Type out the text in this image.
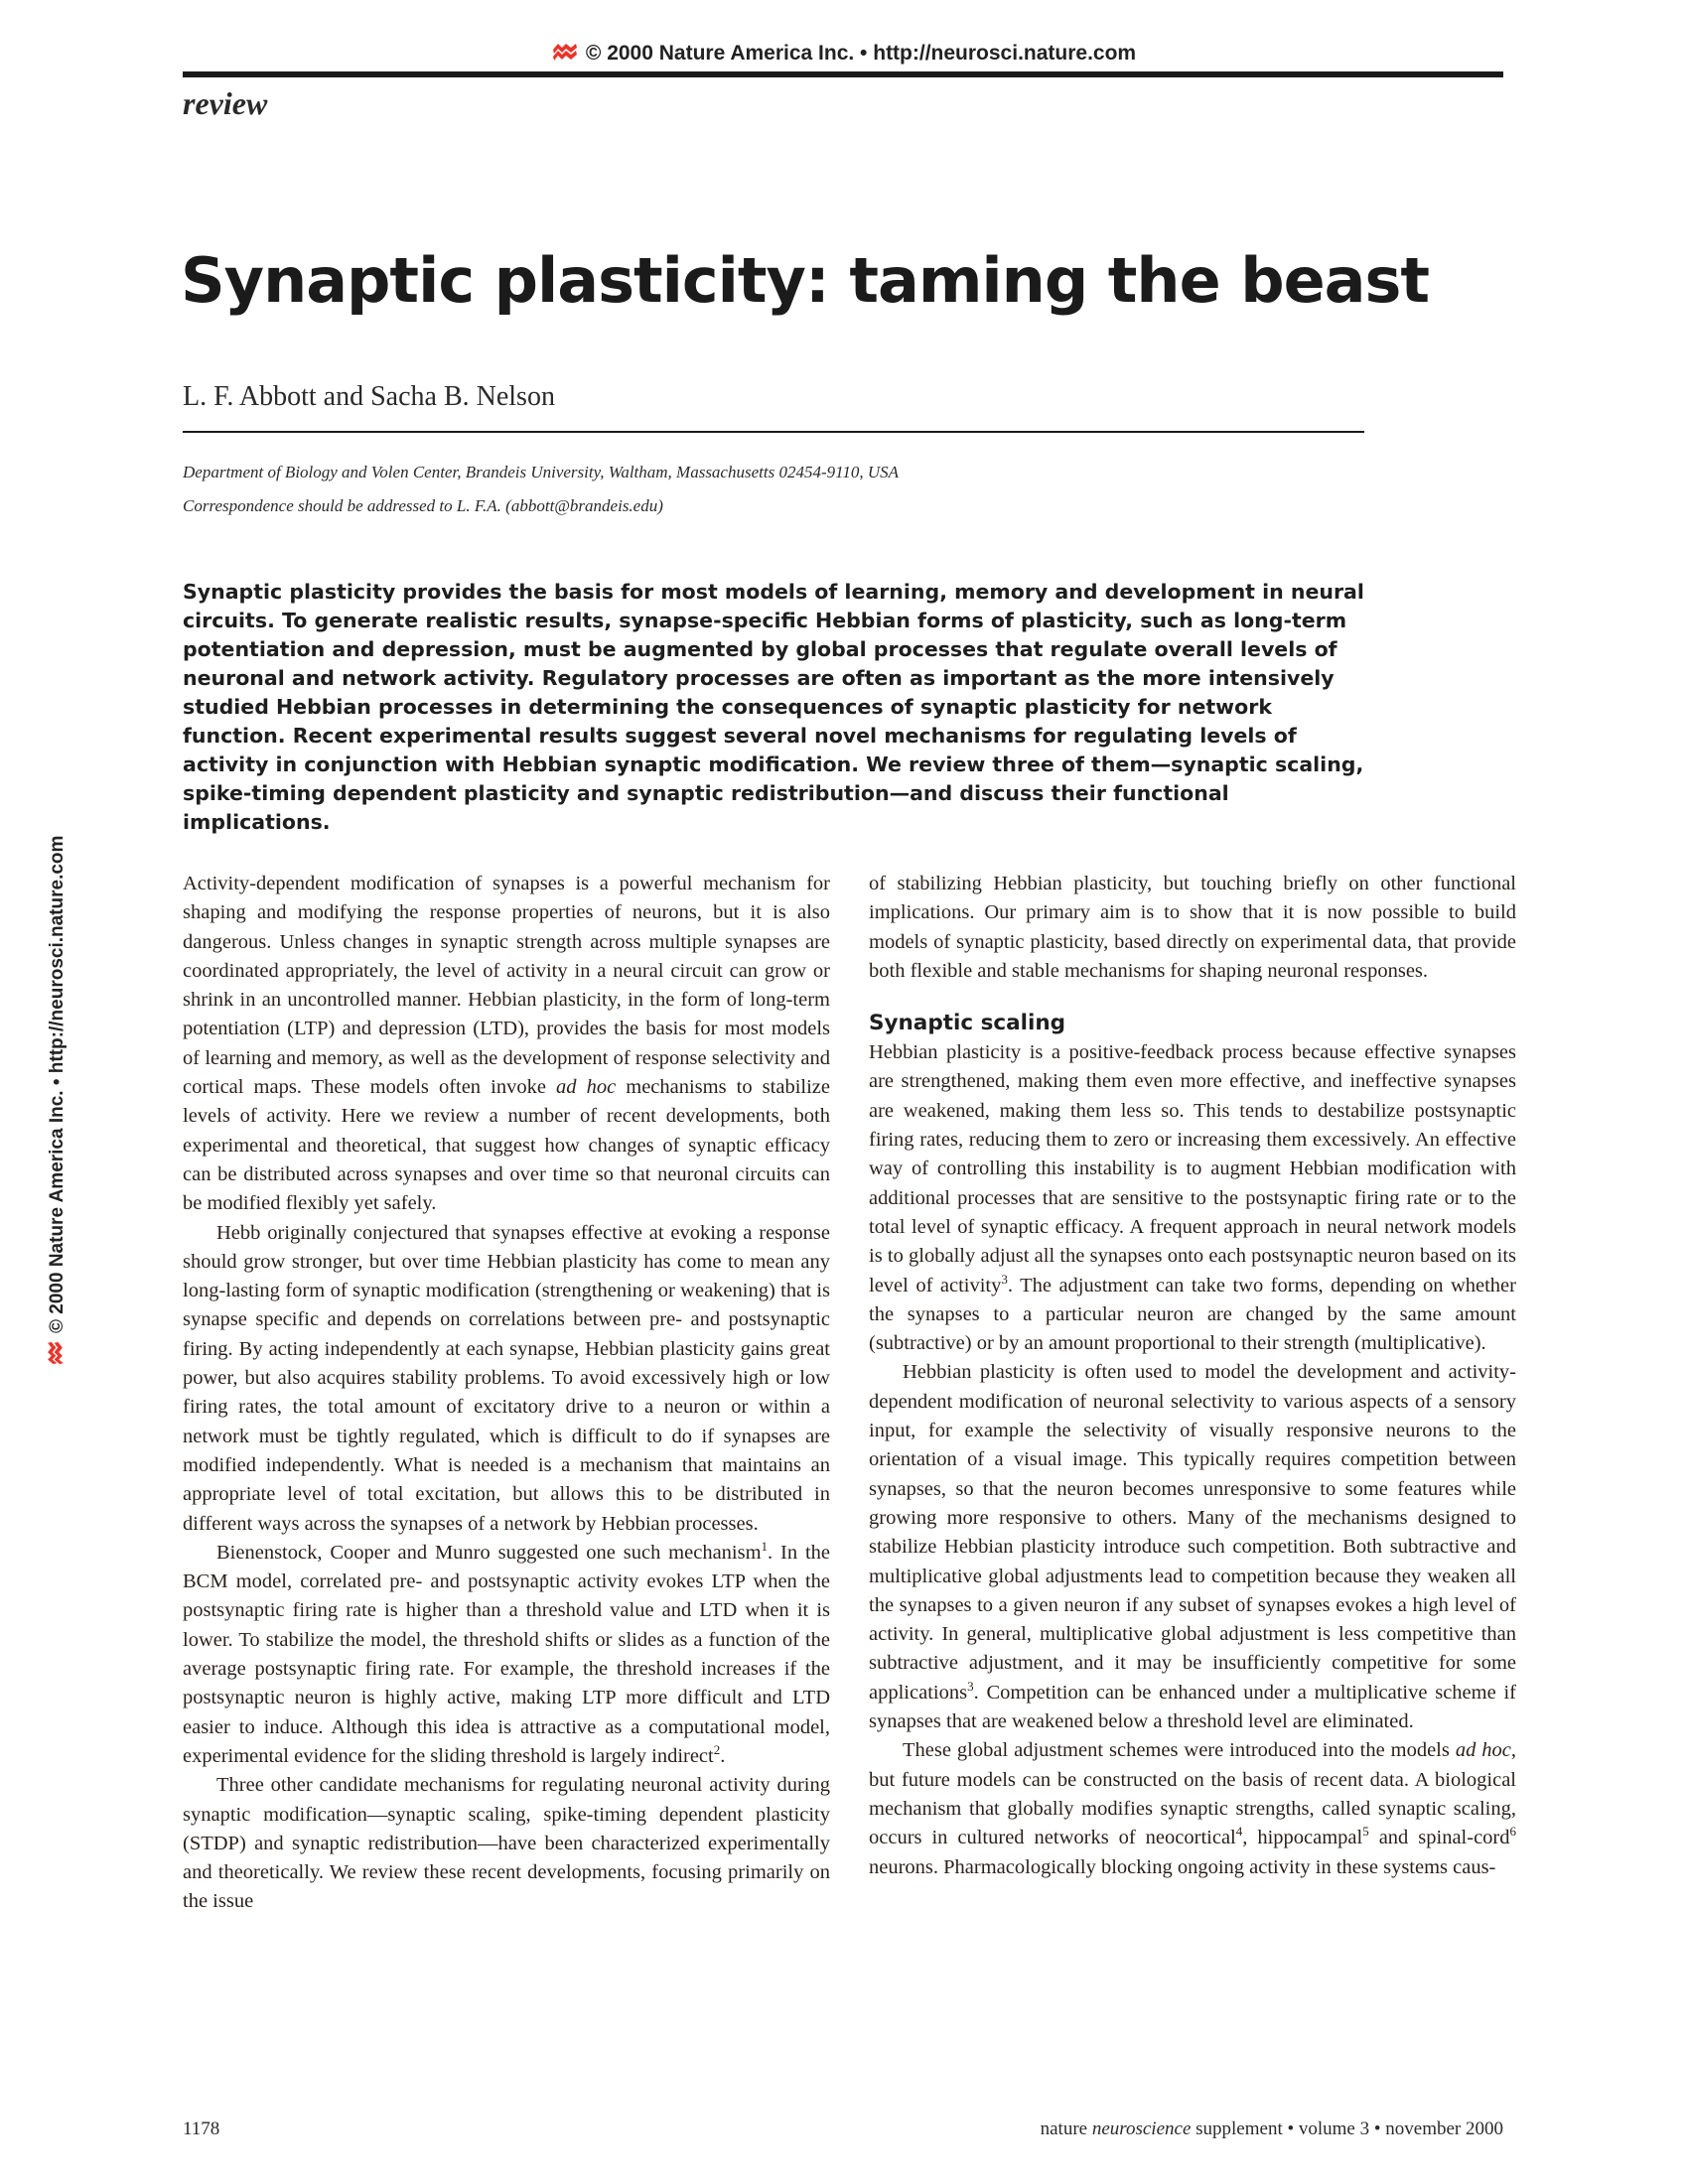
© 2000 Nature America Inc. • http://neurosci.nature.com
review
Synaptic plasticity: taming the beast
L. F. Abbott and Sacha B. Nelson
Department of Biology and Volen Center, Brandeis University, Waltham, Massachusetts 02454-9110, USA
Correspondence should be addressed to L. F.A. (abbott@brandeis.edu)

Synaptic plasticity provides the basis for most models of learning, memory and development in neural circuits. To generate realistic results, synapse-specific Hebbian forms of plasticity, such as long-term potentiation and depression, must be augmented by global processes that regulate overall levels of neuronal and network activity. Regulatory processes are often as important as the more intensively studied Hebbian processes in determining the consequences of synaptic plasticity for network function. Recent experimental results suggest several novel mechanisms for regulating levels of activity in conjunction with Hebbian synaptic modification. We review three of them—synaptic scaling, spike-timing dependent plasticity and synaptic redistribution—and discuss their functional implications.

Activity-dependent modification of synapses is a powerful mechanism for shaping and modifying the response properties of neurons, but it is also dangerous. Unless changes in synaptic strength across multiple synapses are coordinated appropriately, the level of activity in a neural circuit can grow or shrink in an uncontrolled manner. Hebbian plasticity, in the form of long-term potentiation (LTP) and depression (LTD), provides the basis for most models of learning and memory, as well as the development of response selectivity and cortical maps. These models often invoke ad hoc mechanisms to stabilize levels of activity. Here we review a number of recent developments, both experimental and theoretical, that suggest how changes of synaptic efficacy can be distributed across synapses and over time so that neuronal circuits can be modified flexibly yet safely.

Hebb originally conjectured that synapses effective at evoking a response should grow stronger, but over time Hebbian plasticity has come to mean any long-lasting form of synaptic modification (strengthening or weakening) that is synapse specific and depends on correlations between pre- and postsynaptic firing. By acting independently at each synapse, Hebbian plasticity gains great power, but also acquires stability problems. To avoid excessively high or low firing rates, the total amount of excitatory drive to a neuron or within a network must be tightly regulated, which is difficult to do if synapses are modified independently. What is needed is a mechanism that maintains an appropriate level of total excitation, but allows this to be distributed in different ways across the synapses of a network by Hebbian processes.

Bienenstock, Cooper and Munro suggested one such mechanism$^1$. In the BCM model, correlated pre- and postsynaptic activity evokes LTP when the postsynaptic firing rate is higher than a threshold value and LTD when it is lower. To stabilize the model, the threshold shifts or slides as a function of the average postsynaptic firing rate. For example, the threshold increases if the postsynaptic neuron is highly active, making LTP more difficult and LTD easier to induce. Although this idea is attractive as a computational model, experimental evidence for the sliding threshold is largely indirect$^2$.

Three other candidate mechanisms for regulating neuronal activity during synaptic modification—synaptic scaling, spike-timing dependent plasticity (STDP) and synaptic redistribution—have been characterized experimentally and theoretically. We review these recent developments, focusing primarily on the issue

of stabilizing Hebbian plasticity, but touching briefly on other functional implications. Our primary aim is to show that it is now possible to build models of synaptic plasticity, based directly on experimental data, that provide both flexible and stable mechanisms for shaping neuronal responses.

Synaptic scaling

Hebbian plasticity is a positive-feedback process because effective synapses are strengthened, making them even more effective, and ineffective synapses are weakened, making them less so. This tends to destabilize postsynaptic firing rates, reducing them to zero or increasing them excessively. An effective way of controlling this instability is to augment Hebbian modification with additional processes that are sensitive to the postsynaptic firing rate or to the total level of synaptic efficacy. A frequent approach in neural network models is to globally adjust all the synapses onto each postsynaptic neuron based on its level of activity$^3$. The adjustment can take two forms, depending on whether the synapses to a particular neuron are changed by the same amount (subtractive) or by an amount proportional to their strength (multiplicative).

Hebbian plasticity is often used to model the development and activity-dependent modification of neuronal selectivity to various aspects of a sensory input, for example the selectivity of visually responsive neurons to the orientation of a visual image. This typically requires competition between synapses, so that the neuron becomes unresponsive to some features while growing more responsive to others. Many of the mechanisms designed to stabilize Hebbian plasticity introduce such competition. Both subtractive and multiplicative global adjustments lead to competition because they weaken all the synapses to a given neuron if any subset of synapses evokes a high level of activity. In general, multiplicative global adjustment is less competitive than subtractive adjustment, and it may be insufficiently competitive for some applications$^3$. Competition can be enhanced under a multiplicative scheme if synapses that are weakened below a threshold level are eliminated.

These global adjustment schemes were introduced into the models ad hoc, but future models can be constructed on the basis of recent data. A biological mechanism that globally modifies synaptic strengths, called synaptic scaling, occurs in cultured networks of neocortical$^4$, hippocampal$^5$ and spinal-cord$^6$ neurons. Pharmacologically blocking ongoing activity in these systems caus-

1178	nature neuroscience supplement • volume 3 • november 2000
© 2000 Nature America Inc. • http://neurosci.nature.com
